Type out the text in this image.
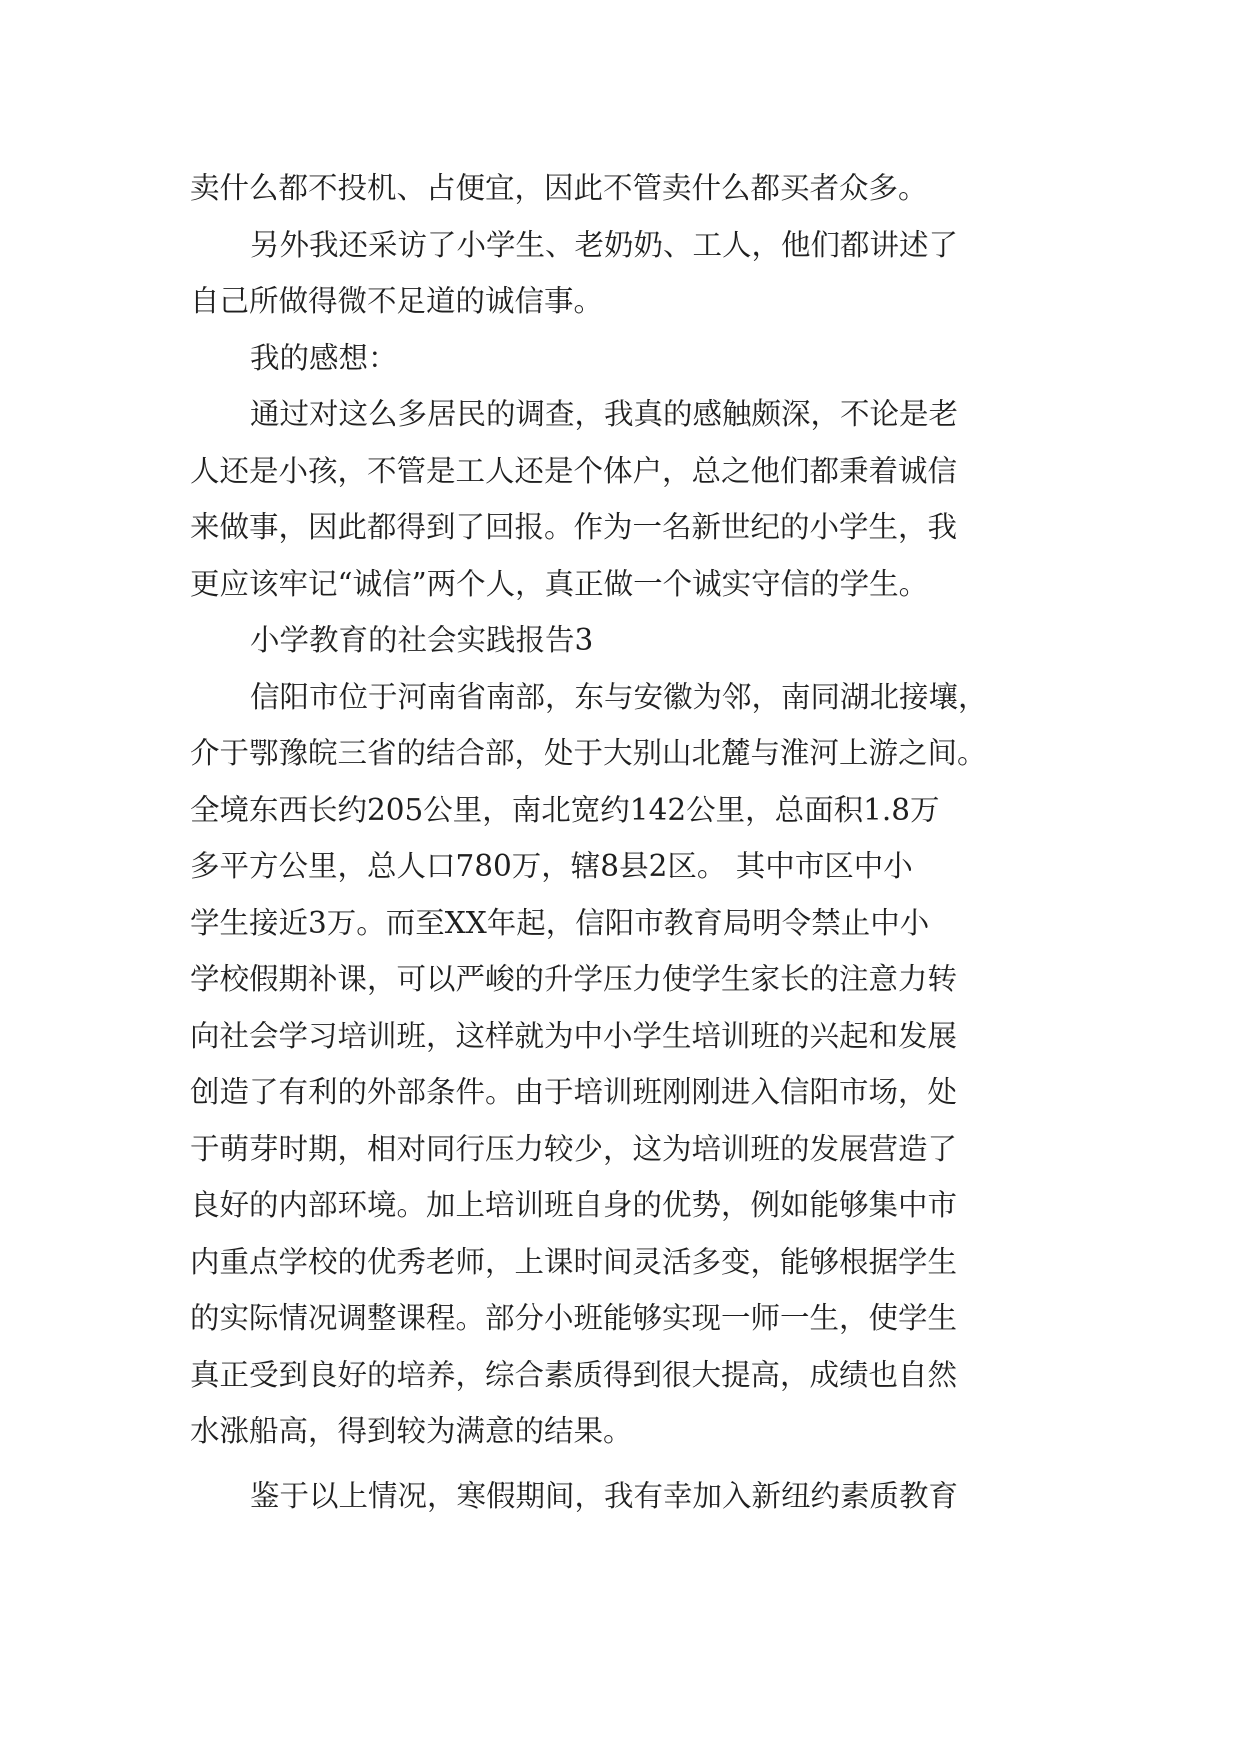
卖什么都不投机、占便宜，因此不管卖什么都买者众多。
另外我还采访了小学生、老奶奶、工人，他们都讲述了
自己所做得微不足道的诚信事。
我的感想：
通过对这么多居民的调查，我真的感触颇深，不论是老
人还是小孩，不管是工人还是个体户，总之他们都秉着诚信
来做事，因此都得到了回报。作为一名新世纪的小学生，我
更应该牢记“诚信”两个人，真正做一个诚实守信的学生。
小学教育的社会实践报告3
信阳市位于河南省南部，东与安徽为邻，南同湖北接壤，
介于鄂豫皖三省的结合部，处于大别山北麓与淮河上游之间。
全境东西长约205公里，南北宽约142公里，总面积1.8万
多平方公里，总人口780万，辖8县2区。 其中市区中小
学生接近3万。而至XX年起，信阳市教育局明令禁止中小
学校假期补课，可以严峻的升学压力使学生家长的注意力转
向社会学习培训班，这样就为中小学生培训班的兴起和发展
创造了有利的外部条件。由于培训班刚刚进入信阳市场，处
于萌芽时期，相对同行压力较少，这为培训班的发展营造了
良好的内部环境。加上培训班自身的优势，例如能够集中市
内重点学校的优秀老师，上课时间灵活多变，能够根据学生
的实际情况调整课程。部分小班能够实现一师一生，使学生
真正受到良好的培养，综合素质得到很大提高，成绩也自然
水涨船高，得到较为满意的结果。
鉴于以上情况，寒假期间，我有幸加入新纽约素质教育
